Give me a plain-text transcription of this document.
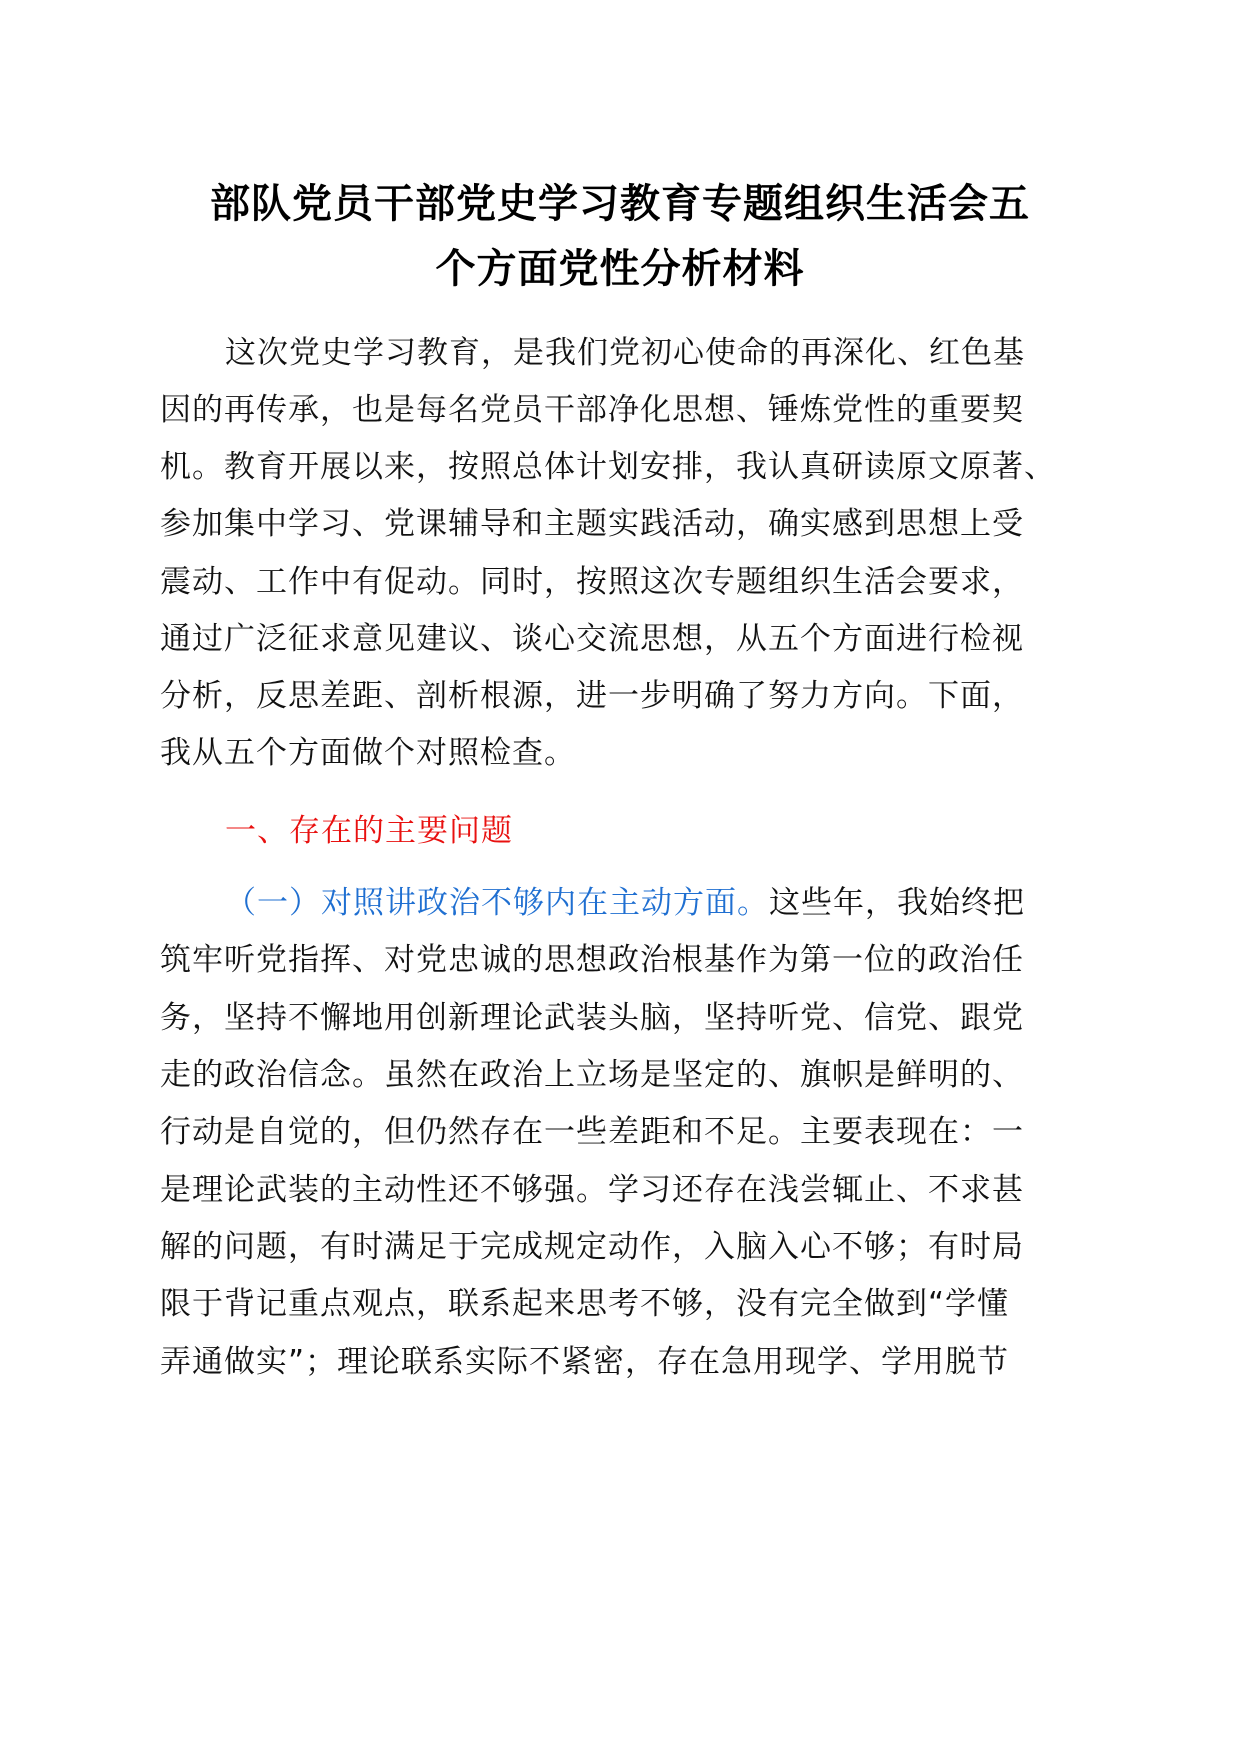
部队党员干部党史学习教育专题组织生活会五
个方面党性分析材料
这次党史学习教育，是我们党初心使命的再深化、红色基
因的再传承，也是每名党员干部净化思想、锤炼党性的重要契
机。教育开展以来，按照总体计划安排，我认真研读原文原著、
参加集中学习、党课辅导和主题实践活动，确实感到思想上受
震动、工作中有促动。同时，按照这次专题组织生活会要求，
通过广泛征求意见建议、谈心交流思想，从五个方面进行检视
分析，反思差距、剖析根源，进一步明确了努力方向。下面，
我从五个方面做个对照检查。
一、存在的主要问题
（一）对照讲政治不够内在主动方面。这些年，我始终把
筑牢听党指挥、对党忠诚的思想政治根基作为第一位的政治任
务，坚持不懈地用创新理论武装头脑，坚持听党、信党、跟党
走的政治信念。虽然在政治上立场是坚定的、旗帜是鲜明的、
行动是自觉的，但仍然存在一些差距和不足。主要表现在：一
是理论武装的主动性还不够强。学习还存在浅尝辄止、不求甚
解的问题，有时满足于完成规定动作，入脑入心不够；有时局
限于背记重点观点，联系起来思考不够，没有完全做到“学懂
弄通做实”；理论联系实际不紧密，存在急用现学、学用脱节
